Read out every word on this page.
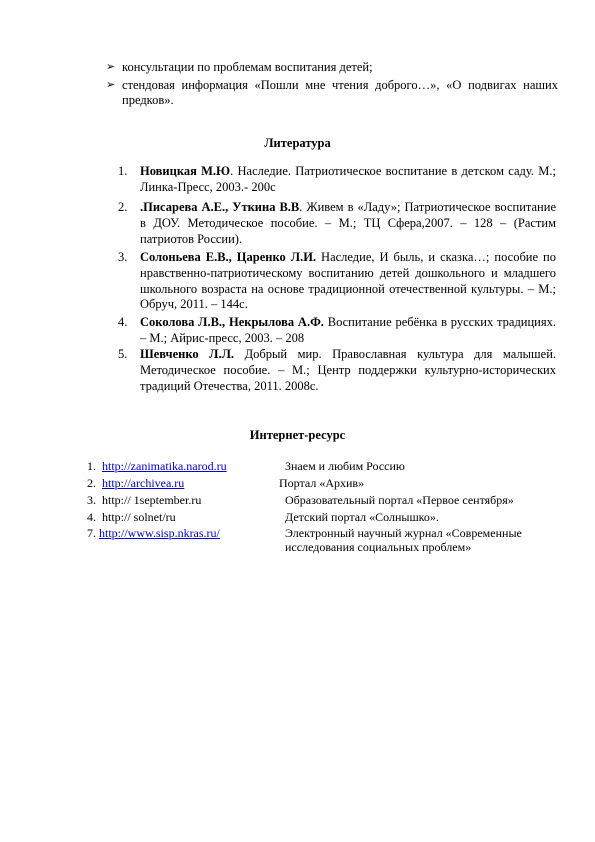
➢ консультации по проблемам воспитания детей;
➢ стендовая информация «Пошли мне чтения доброго…», «О подвигах наших предков».
Литература
1. Новицкая М.Ю. Наследие. Патриотическое воспитание в детском саду. М.; Линка-Пресс, 2003.- 200с
2. .Писарева А.Е., Уткина В.В. Живем в «Ладу»; Патриотическое воспитание в ДОУ. Методическое пособие. – М.; ТЦ Сфера,2007. – 128 – (Растим патриотов России).
3. Солоньева Е.В., Царенко Л.И. Наследие, И быль, и сказка…; пособие по нравственно-патриотическому воспитанию детей дошкольного и младшего школьного возраста на основе традиционной отечественной культуры. – М.; Обруч, 2011. – 144с.
4. Соколова Л.В., Некрылова А.Ф. Воспитание ребёнка в русских традициях. – М.; Айрис-пресс, 2003. – 208
5. Шевченко Л.Л. Добрый мир. Православная культура для малышей. Методическое пособие. – М.; Центр поддержки культурно-исторических традиций Отечества, 2011. 2008с.
Интернет-ресурс
1. http://zanimatika.narod.ru	Знаем и любим Россию
2. http://archivea.ru	Портал «Архив»
3. http:// 1september.ru	Образовательный портал «Первое сентября»
4. http:// solnet/ru	Детский портал «Солнышко».
7. http://www.sisp.nkras.ru/	Электронный научный журнал «Современные исследования социальных проблем»
